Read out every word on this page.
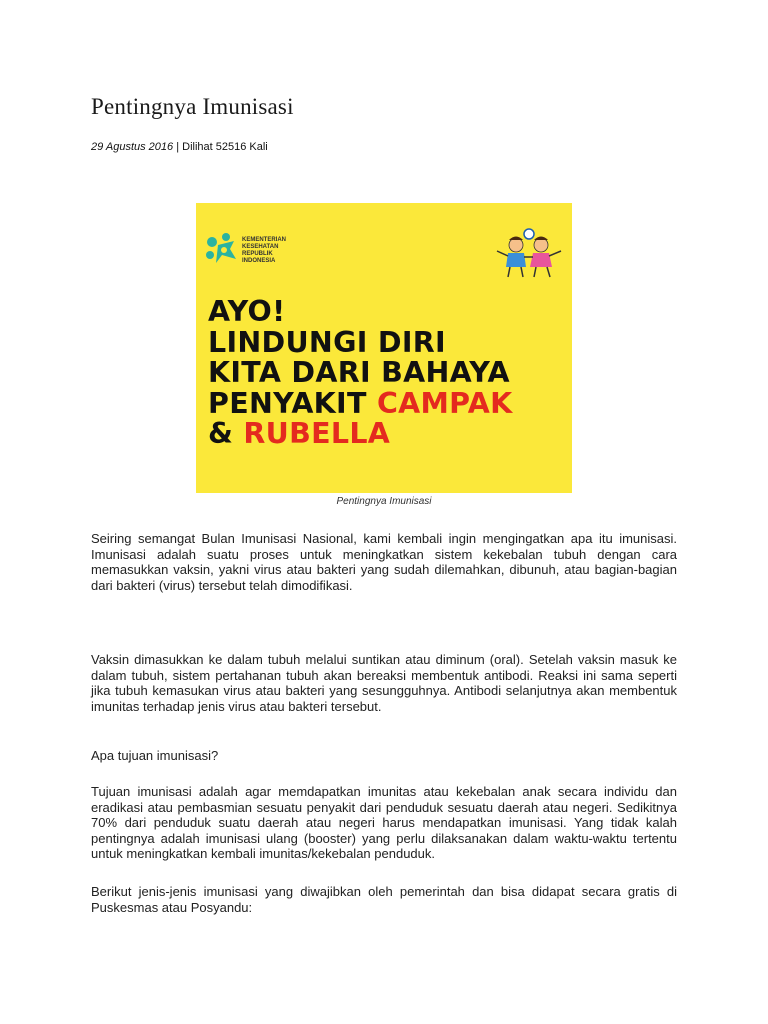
Pentingnya Imunisasi
29 Agustus 2016 | Dilihat 52516 Kali
KEMENTERIAN
KESEHATAN
REPUBLIK
INDONESIA
AYO!
LINDUNGI DIRI
KITA DARI BAHAYA
PENYAKIT CAMPAK
& RUBELLA
Pentingnya Imunisasi

Seiring semangat Bulan Imunisasi Nasional, kami kembali ingin mengingatkan apa itu imunisasi. Imunisasi adalah suatu proses untuk meningkatkan sistem kekebalan tubuh dengan cara memasukkan vaksin, yakni virus atau bakteri yang sudah dilemahkan, dibunuh, atau bagian-bagian dari bakteri (virus) tersebut telah dimodifikasi.

Vaksin dimasukkan ke dalam tubuh melalui suntikan atau diminum (oral). Setelah vaksin masuk ke dalam tubuh, sistem pertahanan tubuh akan bereaksi membentuk antibodi. Reaksi ini sama seperti jika tubuh kemasukan virus atau bakteri yang sesungguhnya. Antibodi selanjutnya akan membentuk imunitas terhadap jenis virus atau bakteri tersebut.

Apa tujuan imunisasi?

Tujuan imunisasi adalah agar memdapatkan imunitas atau kekebalan anak secara individu dan eradikasi atau pembasmian sesuatu penyakit dari penduduk sesuatu daerah atau negeri. Sedikitnya 70% dari penduduk suatu daerah atau negeri harus mendapatkan imunisasi. Yang tidak kalah pentingnya adalah imunisasi ulang (booster) yang perlu dilaksanakan dalam waktu-waktu tertentu untuk meningkatkan kembali imunitas/kekebalan penduduk.

Berikut jenis-jenis imunisasi yang diwajibkan oleh pemerintah dan bisa didapat secara gratis di Puskesmas atau Posyandu:
